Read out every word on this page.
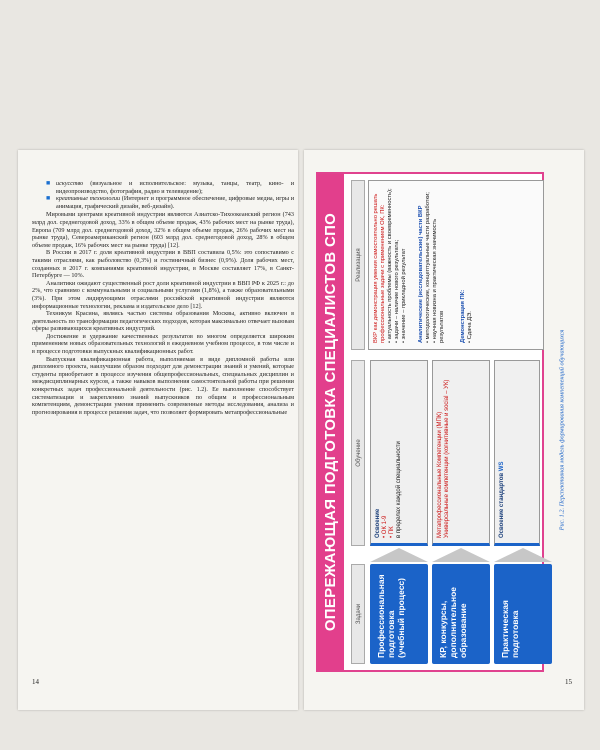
■ искусство (визуальное и исполнительское: музыка, танцы, театр, кино- и видеопроизводство, фотография, радио и телевидение);
■ креативные технологии (Интернет и программное обеспечение, цифровые медиа, игры и анимация, графический дизайн, веб-дизайн).

Мировыми центрами креативной индустрии являются Азиатско-Тихоокеанский регион (743 млрд дол. среднегодовой доход, 33% в общем объеме продаж, 43% рабочих мест на рынке труда), Европа (709 млрд дол. среднегодовой доход, 32% в общем объеме продаж, 26% рабочих мест на рынке труда), Североамериканский регион (603 млрд дол. среднегодовой доход, 28% в общем объеме продаж, 16% рабочих мест на рынке труда) [12].

В России в 2017 г. доля креативной индустрии в ВВП составила 0,5%: это сопоставимо с такими отраслями, как рыболовство (0,3%) и гостиничный бизнес (0,9%). Доля рабочих мест, созданных в 2017 г. компаниями креативной индустрии, в Москве составляет 17%, в Санкт-Петербурге — 10%.

Аналитики ожидают существенный рост доли креативной индустрии в ВВП РФ к 2025 г.: до 2%, что сравнимо с коммунальными и социальными услугами (1,8%), а также образовательными (3%). При этом лидирующими отраслями российской креативной индустрии являются информационные технологии, реклама и издательское дело [12].

Техникум Красина, являясь частью системы образования Москвы, активно включен в деятельность по трансформации педагогических подходов, которая максимально отвечает вызовам сферы развивающихся креативных индустрий.

Достижение и удержание качественных результатов во многом определяется широким применением новых образовательных технологий в ежедневном учебном процессе, в том числе и в процессе подготовки выпускных квалификационных работ.

Выпускная квалификационная работа, выполняемая в виде дипломной работы или дипломного проекта, наилучшим образом подходит для демонстрации знаний и умений, которые студенты приобретают в процессе изучения общепрофессиональных, специальных дисциплин и междисциплинарных курсов, а также навыков выполнения самостоятельной работы при решении конкретных задач профессиональной деятельности (рис. 1.2). Ее выполнение способствует систематизации и закреплению знаний выпускников по общим и профессиональным компетенциям, демонстрации умения применить современные методы исследования, анализа и прогнозирования в процессе решения задач, что позволяет формировать метапрофессиональные

14
ОПЕРЕЖАЮЩАЯ ПОДГОТОВКА СПЕЦИАЛИСТОВ СПО	Задачи
Обучение
Реализация
Профессиональная подготовка (учебный процесс)
Освоение • ОК 1-9
• ПК в пределах каждой специальности
КР, конкурсы, дополнительное образование
Метапрофессиональные Компетенции (МПК) Универсальные компетенции (когнитивные и social – УК)
Практическая подготовка
Освоение стандартов WS
ВКР как демонстрация умения самостоятельно решать профессиональные задачи с применением ОК, ПК: • актуальность проблемы (важность и своевременность);
• задачи – наличие нового результата;
• значение – прикладной результат Аналитические (исследовательские) части ВКР • методологические, концептуальные части разработки;
• научная новизна и практическая значимость результатов	Демонстрация ПК: • Сдача ДЭ.
Рис. 1.2. Перспективная модель формирования компетенций обучающихся
15
